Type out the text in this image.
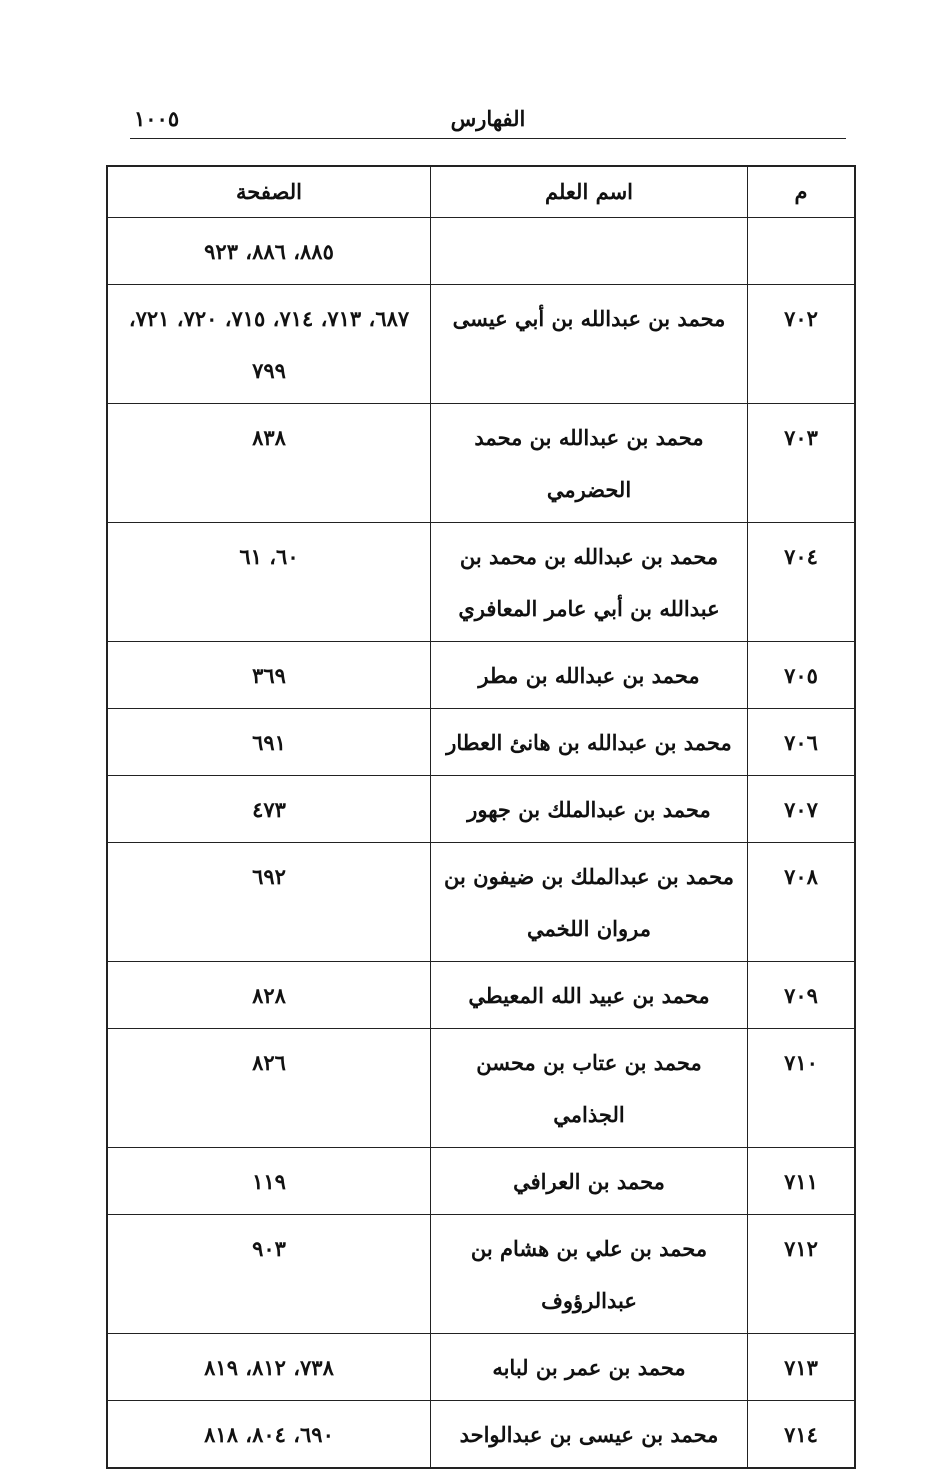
١٠٠٥	الفهارس
م	اسم العلم	الصفحة
		٨٨٥، ٨٨٦، ٩٢٣
٧٠٢	محمد بن عبدالله بن أبي عيسى	٦٨٧، ٧١٣، ٧١٤، ٧١٥، ٧٢٠، ٧٢١، ٧٩٩
٧٠٣	محمد بن عبدالله بن محمد الحضرمي	٨٣٨
٧٠٤	محمد بن عبدالله بن محمد بن عبدالله بن أبي عامر المعافري	٦٠، ٦١
٧٠٥	محمد بن عبدالله بن مطر	٣٦٩
٧٠٦	محمد بن عبدالله بن هانئ العطار	٦٩١
٧٠٧	محمد بن عبدالملك بن جهور	٤٧٣
٧٠٨	محمد بن عبدالملك بن ضيفون بن مروان اللخمي	٦٩٢
٧٠٩	محمد بن عبيد الله المعيطي	٨٢٨
٧١٠	محمد بن عتاب بن محسن الجذامي	٨٢٦
٧١١	محمد بن العرافي	١١٩
٧١٢	محمد بن علي بن هشام بن عبدالرؤوف	٩٠٣
٧١٣	محمد بن عمر بن لبابه	٧٣٨، ٨١٢، ٨١٩
٧١٤	محمد بن عيسى بن عبدالواحد	٦٩٠، ٨٠٤، ٨١٨
